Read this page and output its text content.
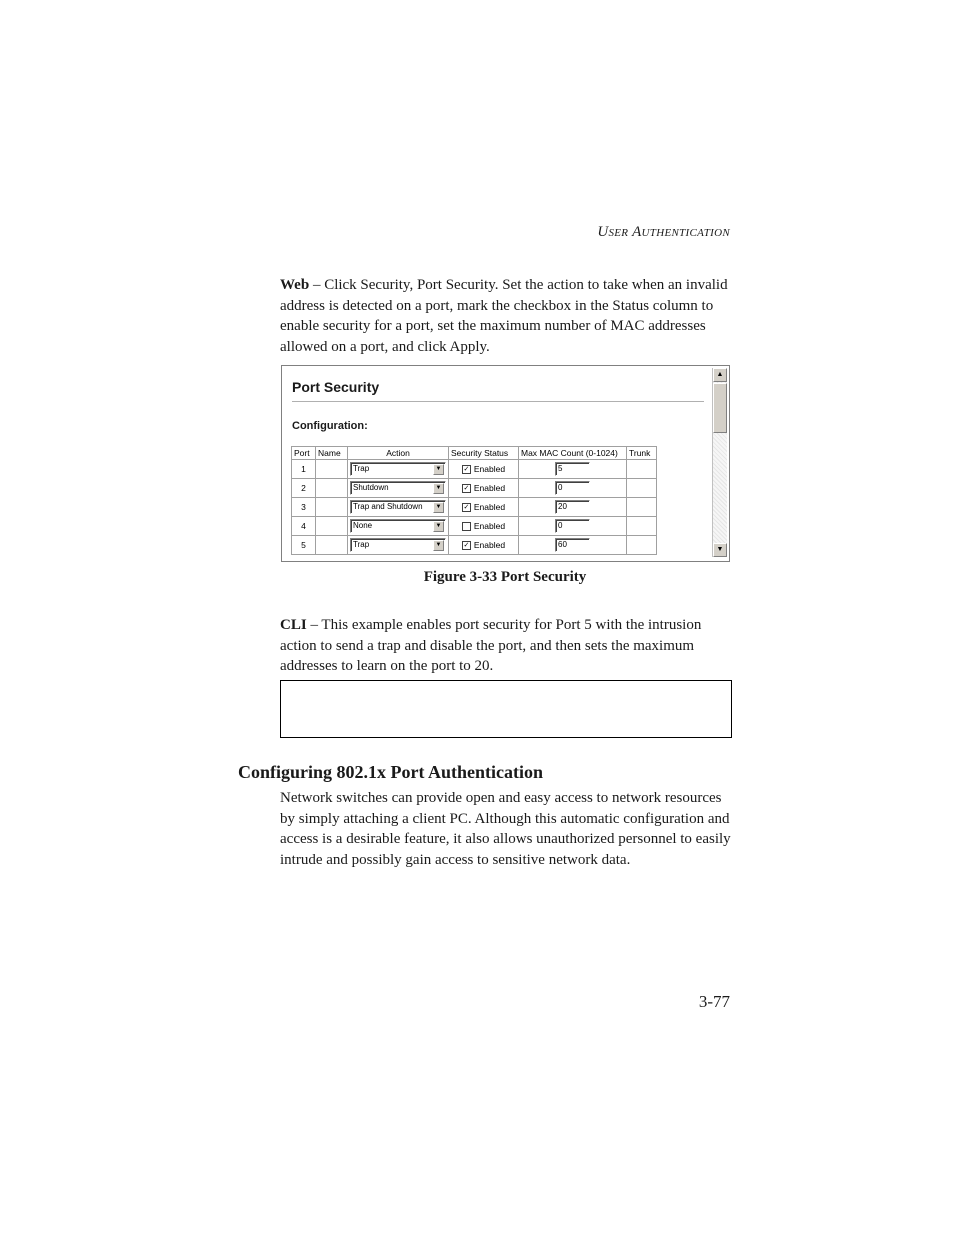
USER AUTHENTICATION
Web – Click Security, Port Security. Set the action to take when an invalid address is detected on a port, mark the checkbox in the Status column to enable security for a port, set the maximum number of MAC addresses allowed on a port, and click Apply.
Port Security
Configuration:
Port	Name	Action	Security Status	Max MAC Count (0-1024)	Trunk
1		Trap ▼	✓ Enabled	5	

2		Shutdown ▼	✓ Enabled	0	

3		Trap and Shutdown ▼	✓ Enabled	20	

4		None ▼	Enabled	0	

5		Trap ▼	✓ Enabled	60	

▲
▼
Figure 3-33 Port Security
CLI – This example enables port security for Port 5 with the intrusion action to send a trap and disable the port, and then sets the maximum addresses to learn on the port to 20.
Configuring 802.1x Port Authentication
Network switches can provide open and easy access to network resources by simply attaching a client PC. Although this automatic configuration and access is a desirable feature, it also allows unauthorized personnel to easily intrude and possibly gain access to sensitive network data.
3-77
